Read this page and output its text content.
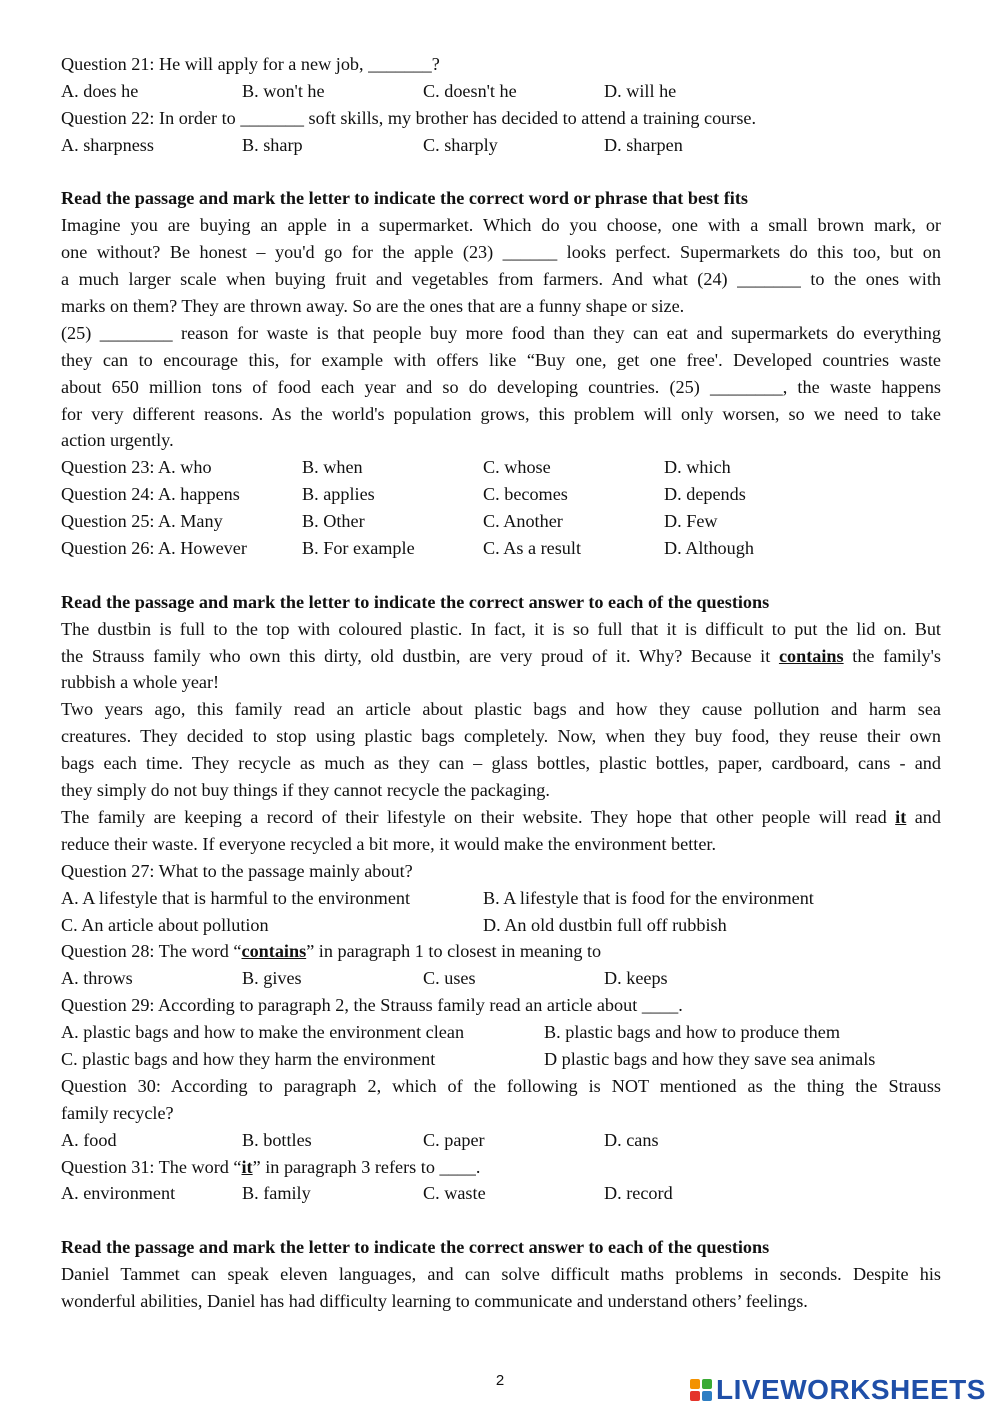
Question 21: He will apply for a new job, _______?
A. does he	B. won't he	C. doesn't he	D. will he
Question 22: In order to _______ soft skills, my brother has decided to attend a training course.
A. sharpness	B. sharp	C. sharply	D. sharpen
Read the passage and mark the letter to indicate the correct word or phrase that best fits
Imagine you are buying an apple in a supermarket. Which do you choose, one with a small brown mark, or
one without? Be honest – you'd go for the apple (23) ______ looks perfect. Supermarkets do this too, but on
a much larger scale when buying fruit and vegetables from farmers. And what (24) _______ to the ones with
marks on them? They are thrown away. So are the ones that are a funny shape or size.
(25) ________ reason for waste is that people buy more food than they can eat and supermarkets do everything
they can to encourage this, for example with offers like “Buy one, get one free'. Developed countries waste
about 650 million tons of food each year and so do developing countries. (25) ________, the waste happens
for very different reasons. As the world's population grows, this problem will only worsen, so we need to take
action urgently.
Question 23: A. who	B. when	C. whose	D. which
Question 24: A. happens	B. applies	C. becomes	D. depends
Question 25: A. Many	B. Other	C. Another	D. Few
Question 26: A. However	B. For example	C. As a result	D. Although
Read the passage and mark the letter to indicate the correct answer to each of the questions
The dustbin is full to the top with coloured plastic. In fact, it is so full that it is difficult to put the lid on. But
the Strauss family who own this dirty, old dustbin, are very proud of it. Why? Because it contains the family's
rubbish a whole year!
Two years ago, this family read an article about plastic bags and how they cause pollution and harm sea
creatures. They decided to stop using plastic bags completely. Now, when they buy food, they reuse their own
bags each time. They recycle as much as they can – glass bottles, plastic bottles, paper, cardboard, cans - and
they simply do not buy things if they cannot recycle the packaging.
The family are keeping a record of their lifestyle on their website. They hope that other people will read it and
reduce their waste. If everyone recycled a bit more, it would make the environment better.
Question 27: What to the passage mainly about?
A. A lifestyle that is harmful to the environment	B. A lifestyle that is food for the environment
C. An article about pollution	D. An old dustbin full off rubbish
Question 28: The word “contains” in paragraph 1 to closest in meaning to
A. throws	B. gives	C. uses	D. keeps
Question 29: According to paragraph 2, the Strauss family read an article about ____.
A. plastic bags and how to make the environment clean	B. plastic bags and how to produce them
C. plastic bags and how they harm the environment	D plastic bags and how they save sea animals
Question 30: According to paragraph 2, which of the following is NOT mentioned as the thing the Strauss
family recycle?
A. food	B. bottles	C. paper	D. cans
Question 31: The word “it” in paragraph 3 refers to ____.
A. environment	B. family	C. waste	D. record
Read the passage and mark the letter to indicate the correct answer to each of the questions
Daniel Tammet can speak eleven languages, and can solve difficult maths problems in seconds. Despite his
wonderful abilities, Daniel has had difficulty learning to communicate and understand others’ feelings.
2	LIVEWORKSHEETS
